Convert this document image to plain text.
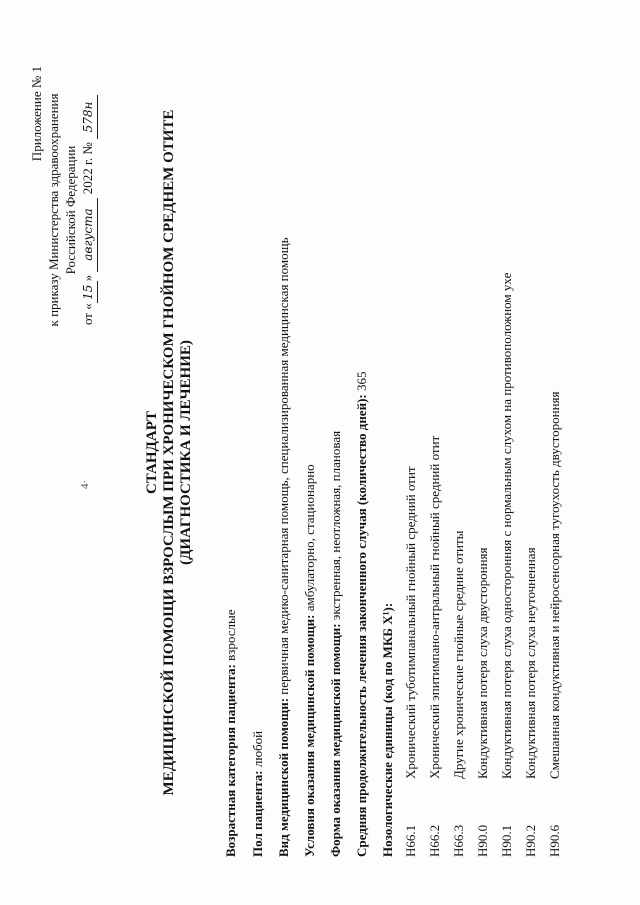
Приложение № 1 к приказу Министерства здравоохранения Российской Федерации
от «15» августа 2022 г. № 578н
4·	СТАНДАРТ МЕДИЦИНСКОЙ ПОМОЩИ ВЗРОСЛЫМ ПРИ ХРОНИЧЕСКОМ ГНОЙНОМ СРЕДНЕМ ОТИТЕ (ДИАГНОСТИКА И ЛЕЧЕНИЕ)
Возрастная категория пациента: взрослые
Пол пациента: любой Вид медицинской помощи: первичная медико-санитарная помощь, специализированная медицинская помощь
Условия оказания медицинской помощи: амбулаторно, стационарно
Форма оказания медицинской помощи: экстренная, неотложная, плановая Средняя продолжительность лечения законченного случая (количество дней): 365
Нозологические единицы (код по МКБ X¹): H66.1
Хронический туботимпанальный гнойный средний отит
H66.2
Хронический эпитимпано-антральный гнойный средний отит
H66.3
Другие хронические гнойные средние отиты
H90.0
Кондуктивная потеря слуха двусторонняя
H90.1
Кондуктивная потеря слуха односторонняя с нормальным слухом на противоположном ухе
H90.2
Кондуктивная потеря слуха неуточненная
H90.6
Смешанная кондуктивная и нейросенсорная тугоухость двусторонняя
